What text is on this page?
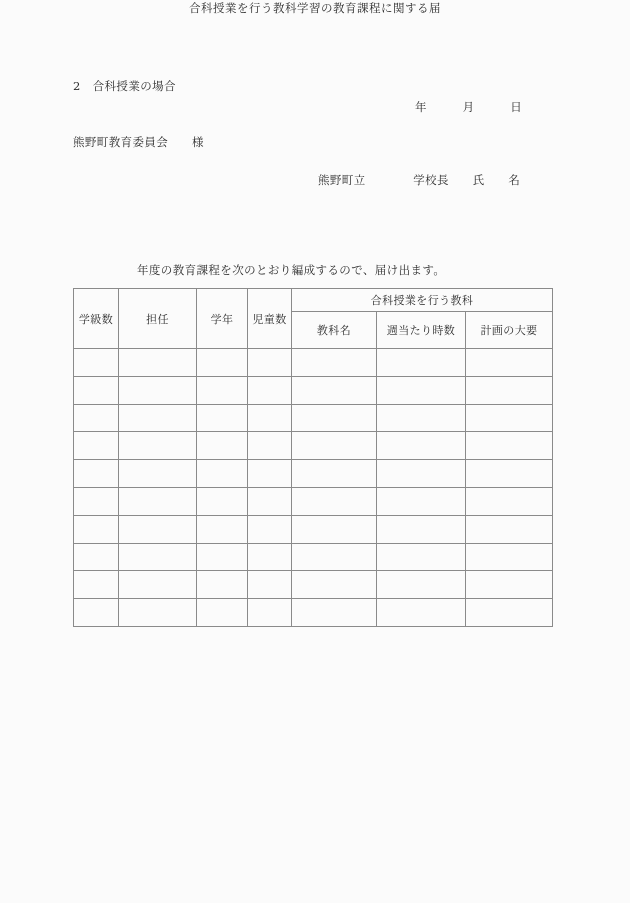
2　合科授業の場合
年　　　月　　　日
熊野町教育委員会　　様
熊野町立　　　　学校長　　氏　　名
合科授業を行う教科学習の教育課程に関する届
年度の教育課程を次のとおり編成するので、届け出ます。
学級数	担任	学年	児童数	合科授業を行う教科		
				教科名	週当たり時数	計画の大要
